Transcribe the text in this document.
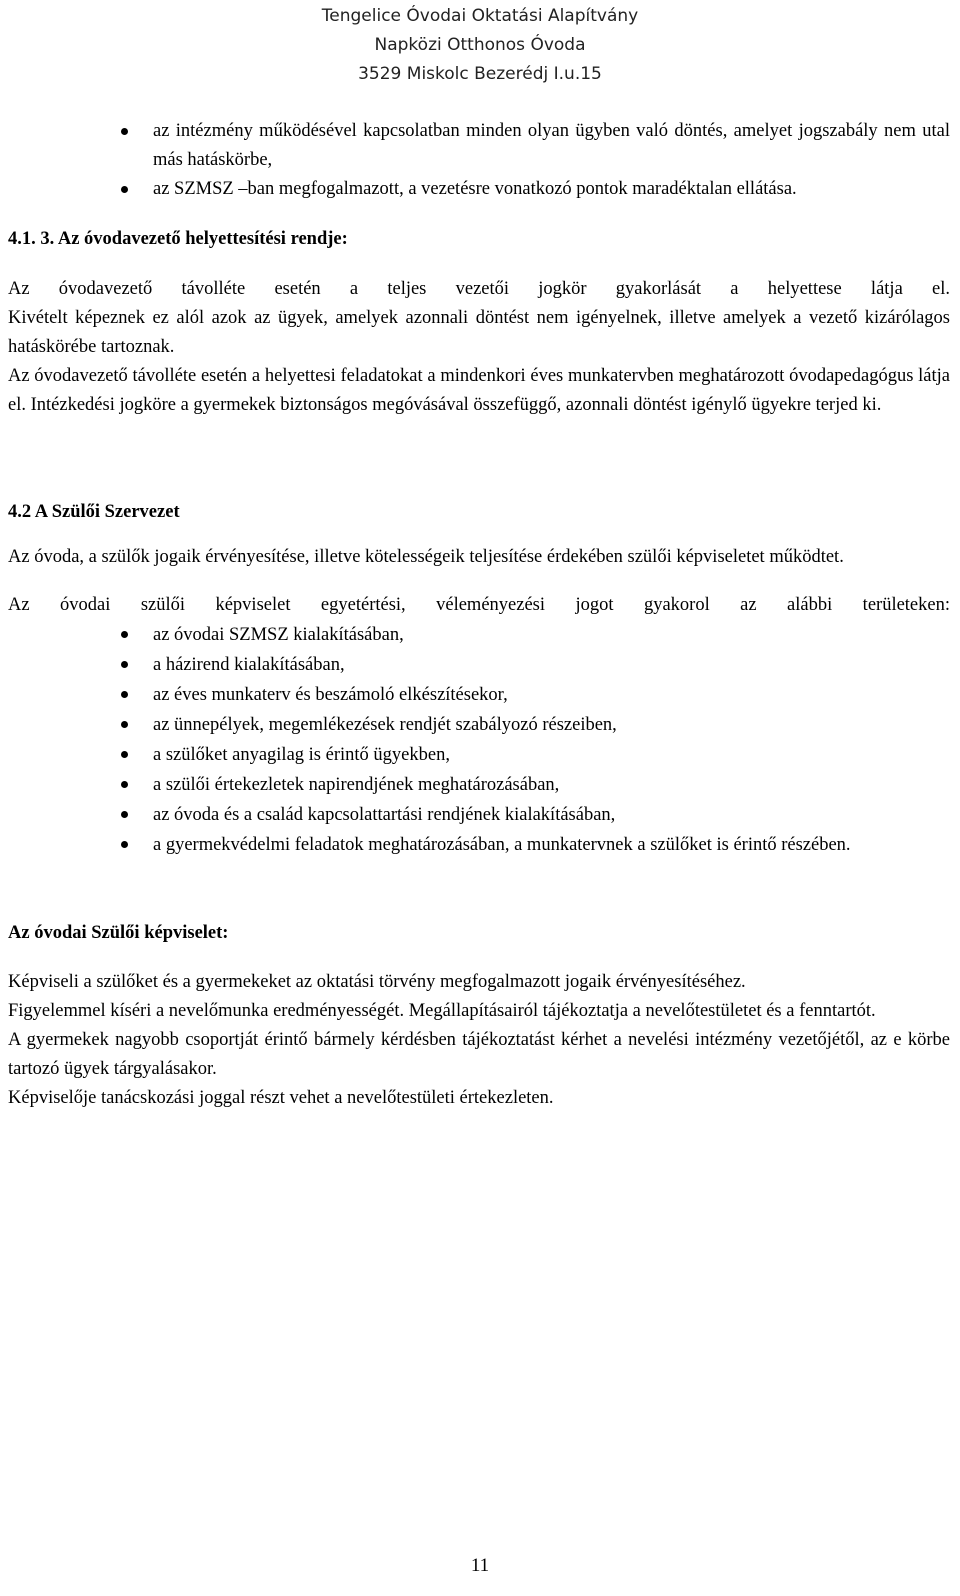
Tengelice Óvodai Oktatási Alapítvány
Napközi Otthonos Óvoda
3529 Miskolc Bezerédj I.u.15
az intézmény működésével kapcsolatban minden olyan ügyben való döntés, amelyet jogszabály nem utal más hatáskörbe,
az SZMSZ –ban megfogalmazott, a vezetésre vonatkozó pontok maradéktalan ellátása.
4.1. 3. Az óvodavezető helyettesítési rendje:

Az óvodavezető távolléte esetén a teljes vezetői jogkör gyakorlását a helyettese látja el.

Kivételt képeznek ez alól azok az ügyek, amelyek azonnali döntést nem igényelnek, illetve amelyek a vezető kizárólagos hatáskörébe tartoznak.

Az óvodavezető távolléte esetén a helyettesi feladatokat a mindenkori éves munkatervben meghatározott óvodapedagógus látja el. Intézkedési jogköre a gyermekek biztonságos megóvásával összefüggő, azonnali döntést igénylő ügyekre terjed ki.

4.2 A Szülői Szervezet

Az óvoda, a szülők jogaik érvényesítése, illetve kötelességeik teljesítése érdekében szülői képviseletet működtet.

Az óvodai szülői képviselet egyetértési, véleményezési jogot gyakorol az alábbi területeken:

az óvodai SZMSZ kialakításában,
a házirend kialakításában,
az éves munkaterv és beszámoló elkészítésekor,
az ünnepélyek, megemlékezések rendjét szabályozó részeiben,
a szülőket anyagilag is érintő ügyekben,
a szülői értekezletek napirendjének meghatározásában,
az óvoda és a család kapcsolattartási rendjének kialakításában,
a gyermekvédelmi feladatok meghatározásában, a munkatervnek a szülőket is érintő részében.
Az óvodai Szülői képviselet:

Képviseli a szülőket és a gyermekeket az oktatási törvény megfogalmazott jogaik érvényesítéséhez.

Figyelemmel kíséri a nevelőmunka eredményességét. Megállapításairól tájékoztatja a nevelőtestületet és a fenntartót.

A gyermekek nagyobb csoportját érintő bármely kérdésben tájékoztatást kérhet a nevelési intézmény vezetőjétől, az e körbe tartozó ügyek tárgyalásakor.

Képviselője tanácskozási joggal részt vehet a nevelőtestületi értekezleten.

11
